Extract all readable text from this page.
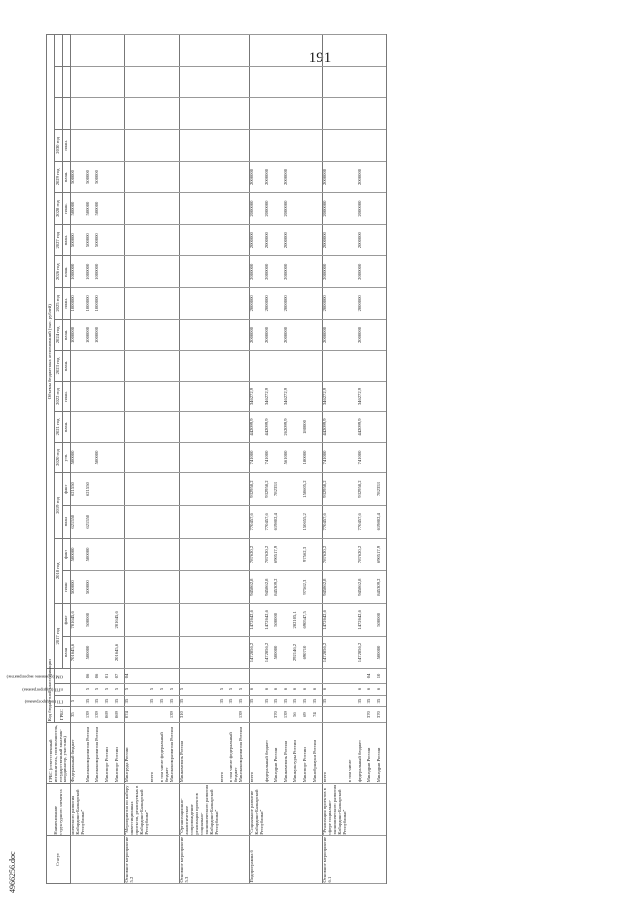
191
4966256.doc	Статус	Наименование структурного элемента	ГРБС (ответственный исполнитель, соисполнитель, государственный заказчик-координатор, участник)	Код бюджетной классификации				Объемы бюджетных ассигнований (тыс. рублей)																			
			ГРБС	ГП (подпрограмма)	пГП (подпрограмма)	ОМ (основное мероприятие)	2017 год		2018 год		2019 год		2020 год	2021 год	2022 год	2023 год	2024 год	2025 год	2026 год	2027 год	2028 год	2029 год	2030 год			
							план	факт	план	факт	план	факт	утв.	план.	план.	план.	план.	план.	план.	план.	план.	план.	план.			

	мического развития Кабардино-Балкарской Республики"	Федеральный бюджет	35	5			701645,6	701645,6	500000	500000	621550	621550	500000				1000000	1000000	1000000	500000	500000	500000				
		Минэкономразвития России	139	35	5	06	500000	500000	500000	500000	621550	621550					1000000	1000000	1000000	500000	500000	500000				
		Минэкономразвития России	139	35	5	06							500000				1000000	1000000	1000000	500000	500000	500000				
		Минспорт России	069	35	5	01																				
		Минспорт России	069	35	5	07	201645,6	201645,6																		
Основное мероприятие 5.2	"Мероприятия по набору инвестиционных проектов, реализуемых в Кабардино-Балкарской Республике"	Минтруда России	074	35	5	04																				
		всего		35	5																					
		в том числе федеральный бюджет		35	5																					
		Минэкономразвития России	139	35	5																					
Основное мероприятие 5.3	"Организационно-аналитическое сопровождение реализации проектов социально-экономического развития Кабардино-Балкарской Республики"	Минкомсвязь России	310	35	5																					
		всего		35	5																					
		в том числе федеральный бюджет		35	5																					
		Минэкономразвития России	139	35	5																					
Подпрограмма 6	"Социальное развитие Кабардино-Балкарской Республики"	всего		35	6		1472856,2	1472642,6	945862,8	787620,2	770457,6	932958,2	741000	442099,9	346272,9		2000000	2000000	2000000	2000000	2000000	2000000				
		федеральный бюджет		35	6		1472856,2	1472642,6	945862,8	787620,2	770457,6	932958,2	741000	442099,9	346272,9		2000000	2000000	2000000	2000000	2000000	2000000				
		Минздрав России	370	35	6		500000	500000	845309,2	690517,9	619802,4	782353														
		Минкомсвязь России	139	35	6								561000	262099,9	346272,9		2000000	2000000	2000000	2000000	2000000	2000000				
		Минкультуры России	56	35	6		292146,2	282105,1																		
		Минспорт России	69	35	6		690710	690547,5	97562,3	97562,3	150655,2	150605,2	180000	180000												
		Минобрнауки России	74	35	6																					
Основное мероприятие 6.1	"Реализация проектов в сфере социально-экономического развития Кабардино-Балкарской Республики"	всего		35	6		1472856,2	1472642,6	945862,8	787620,2	770457,6	932958,2	741000	442099,9	346272,9		2000000	2000000	2000000	2000000	2000000	2000000				
		в том числе																								
		федеральный бюджет		35	6		1472856,2	1472642,6	945862,8	787620,2	770457,6	932958,2	741000	442099,9	346272,9		2000000	2000000	2000000	2000000	2000000	2000000				
		Минздрав России	370	35	6	04																				
		Минздрав России	370	35	6	10	500000	500000	845309,2	690517,9	619802,4	782353														
